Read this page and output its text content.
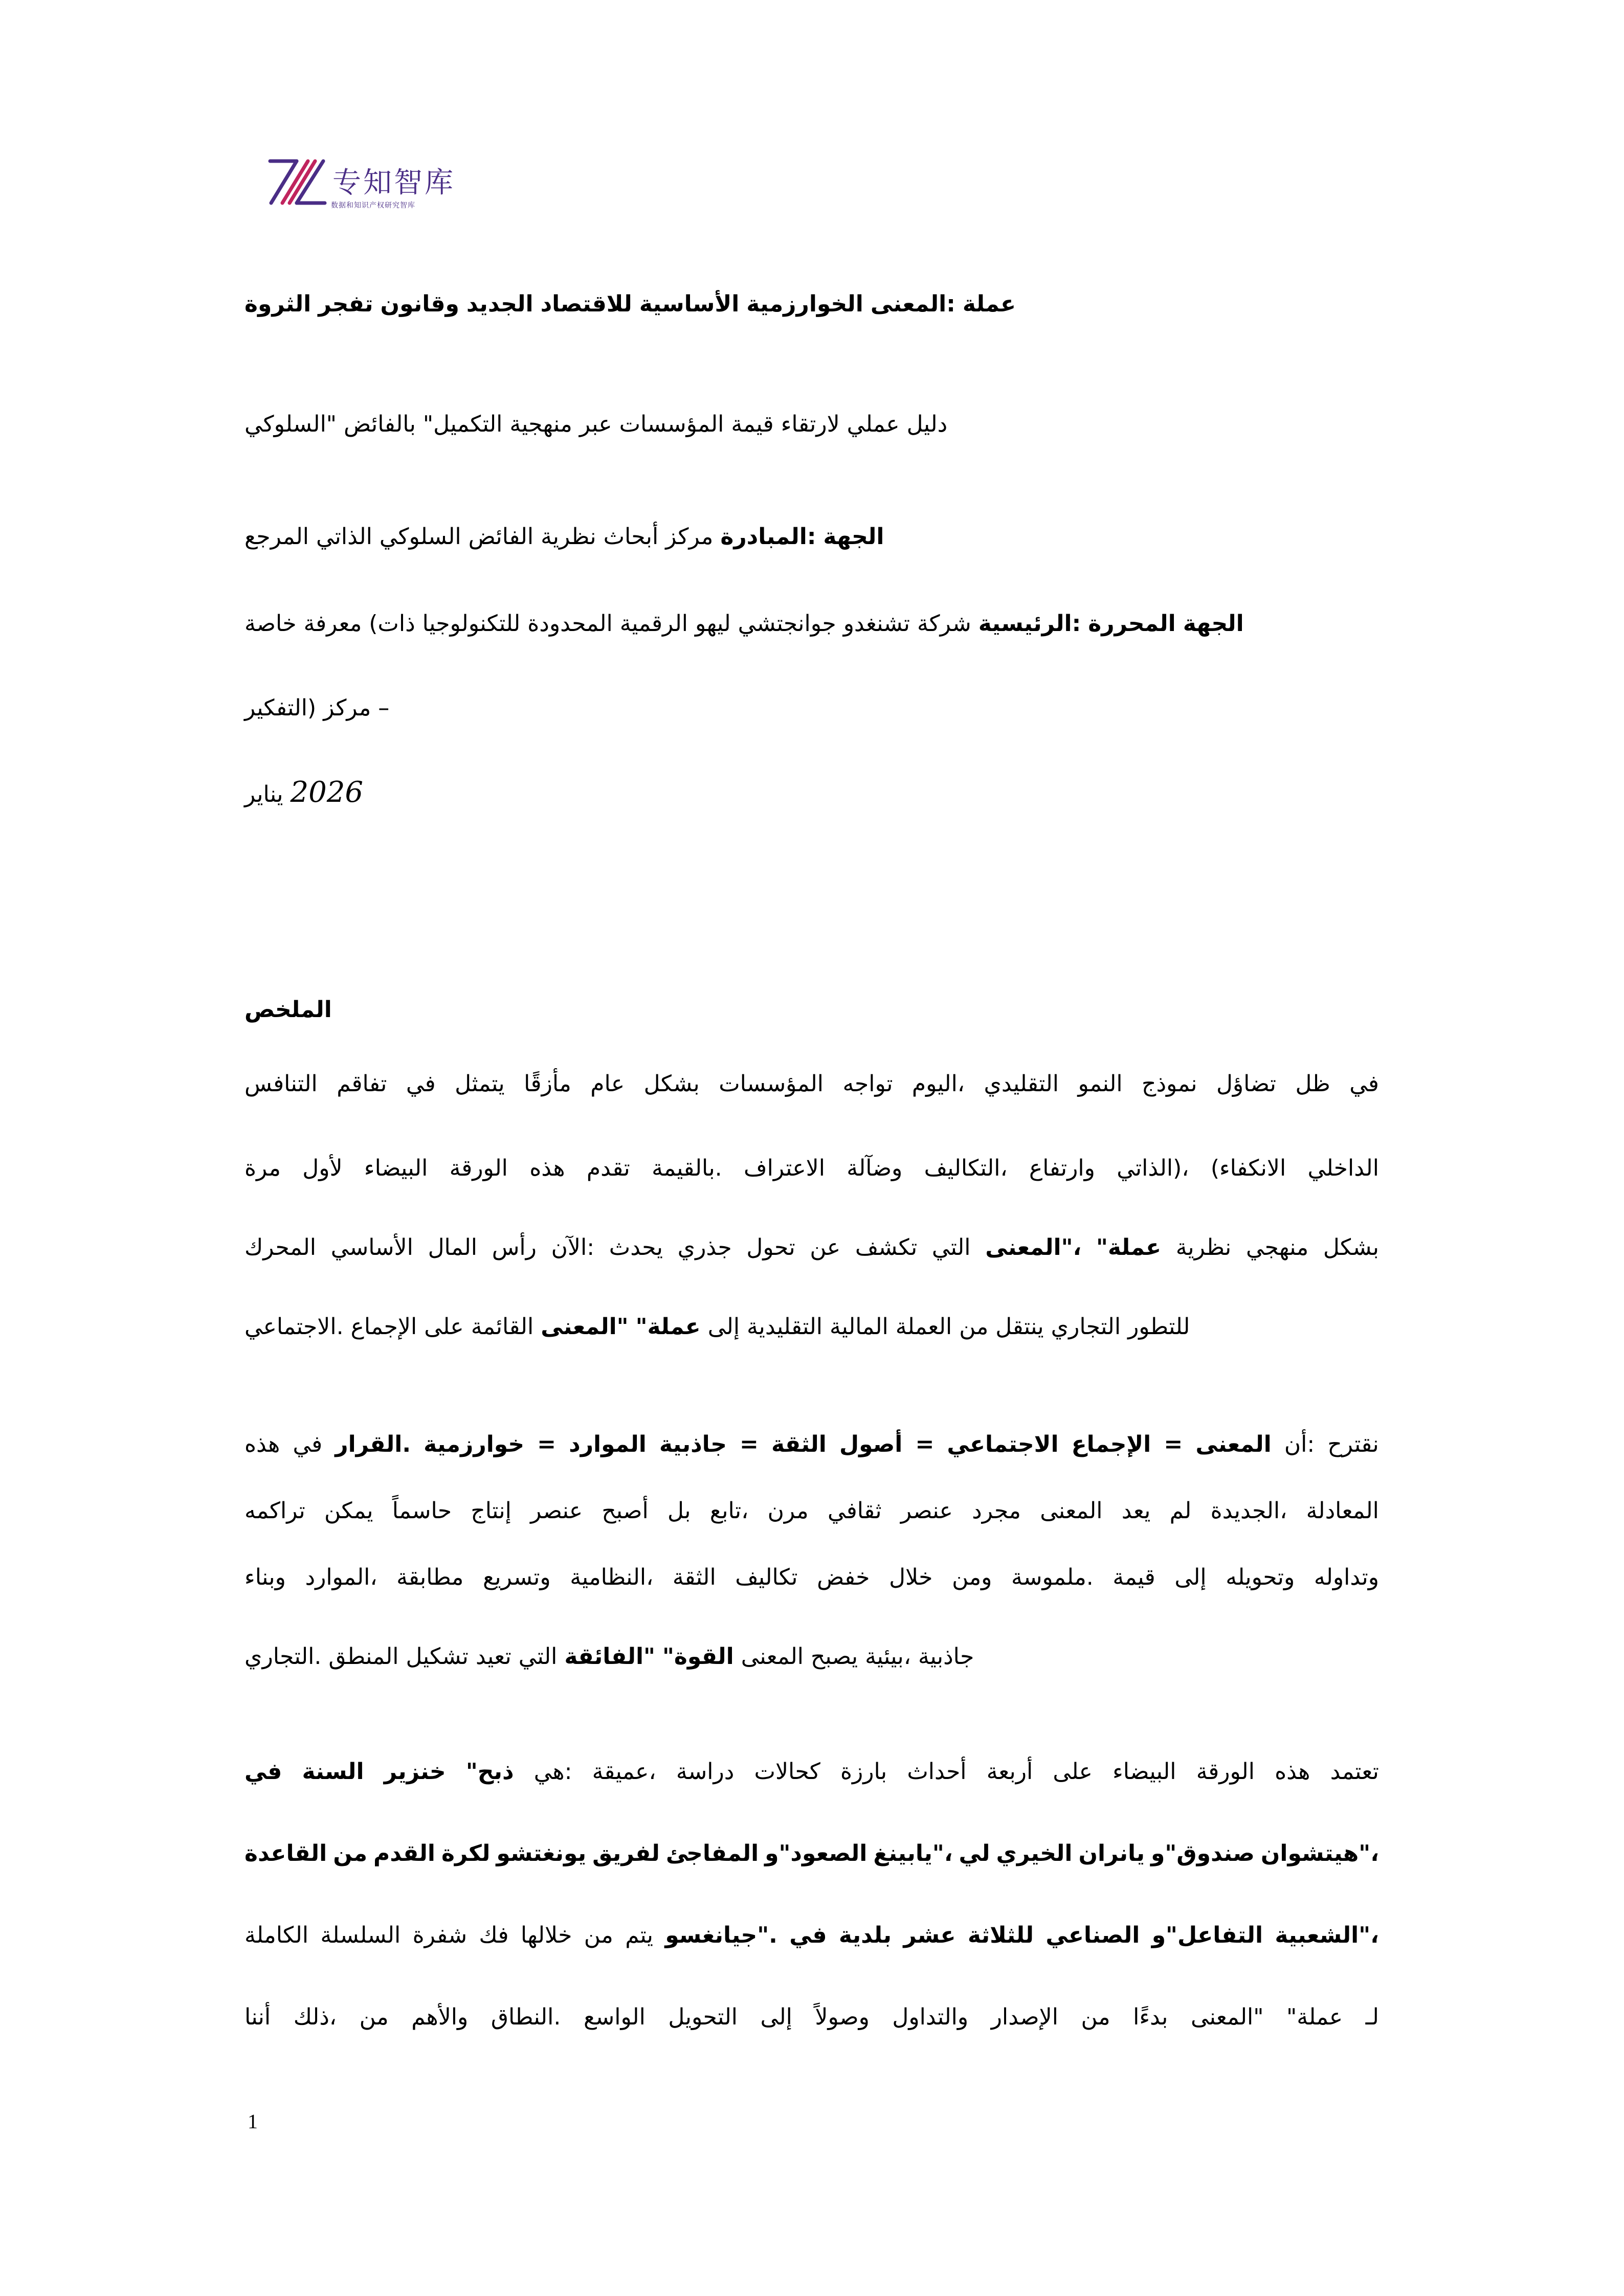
专知智库
数据和知识产权研究智库
الثروة تفجر وقانون الجديد للاقتصاد الأساسية الخوارزمية :المعنى عملة
"السلوكي بالفائض التكميل" منهجية عبر المؤسسات قيمة لارتقاء عملي دليل
المرجع الذاتي السلوكي الفائض نظرية أبحاث مركز :المبادرة الجهة
خاصة معرفة ذات) للتكنولوجيا المحدودة الرقمية ليهو جوانجتشي تشنغدو شركة :الرئيسية المحررة الجهة
(التفكير مركز –
التنافس تفاقم في يتمثل مأزقًا عام بشكل المؤسسات تواجه ،اليوم التقليدي النمو نموذج تضاؤل ظل في
مرة لأول البيضاء الورقة هذه تقدم .بالقيمة الاعتراف وضآلة ،التكاليف وارتفاع ،(الذاتي الانكفاء) الداخلي
المحرك الأساسي المال رأس :الآن يحدث جذري تحول عن تكشف التي ،"المعنى عملة" نظرية منهجي بشكل
.الاجتماعي الإجماع على القائمة "المعنى عملة" إلى التقليدية المالية العملة من ينتقل التجاري للتطور
هذه في .القرار خوارزمية = الموارد جاذبية = الثقة أصول = الاجتماعي الإجماع = المعنى :أن نقترح
تراكمه يمكن حاسماً إنتاج عنصر أصبح بل ،تابع مرن ثقافي عنصر مجرد المعنى يعد لم ،الجديدة المعادلة
وبناء ،الموارد مطابقة وتسريع ،النظامية الثقة تكاليف خفض خلال ومن .ملموسة قيمة إلى وتحويله وتداوله
.التجاري المنطق تشكيل تعيد التي "الفائقة القوة" المعنى يصبح ،بيئية جاذبية
في السنة خنزير ذبح" :هي ،عميقة دراسة كحالات بارزة أحداث أربعة على البيضاء الورقة هذه تعتمد
القاعدة من القدم لكرة يونغتشو لفريق المفاجئ الصعود"و ،"يابينغ لي الخيري يانران صندوق"و ،"هيتشوان
الكاملة السلسلة شفرة فك خلالها من يتم ."جيانغسو في بلدية عشر للثلاثة الصناعي التفاعل"و ،"الشعبية
أننا ،ذلك من والأهم .النطاق الواسع التحويل إلى وصولاً والتداول الإصدار من بدءًا "المعنى عملة" لـ
يناير 2026
الملخص
1
